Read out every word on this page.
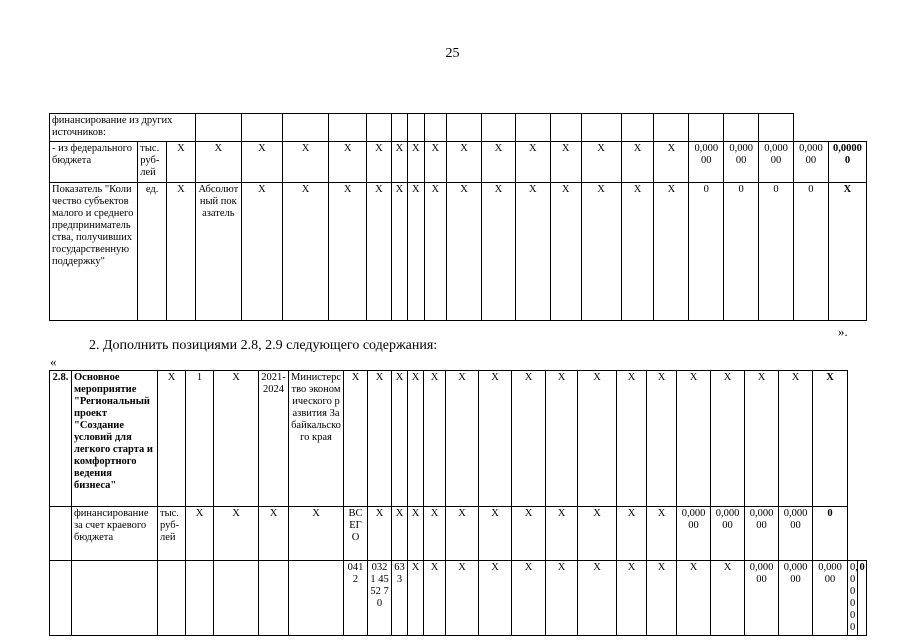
25
финансирование из других источников:																						
- из федерального бюджета	тыс. руб-лей	Х	Х	Х	Х	Х	Х	Х	Х	Х	Х	Х	Х	Х	Х	Х	Х	0,000 00	0,000 00	0,000 00	0,000 00	0,0000 0
Показатель "Количество субъектов малого и среднего предпринимательства, получивших государственную поддержку"	ед.	Х	Абсолютный показатель	Х	Х	Х	Х	Х	Х	Х	Х	Х	Х	Х	Х	Х	Х	0	0	0	0	Х
».
2. Дополнить позициями 2.8, 2.9 следующего содержания:
«
2.8.	Основное мероприятие "Региональный проект "Создание условий для легкого старта и комфортного ведения бизнеса"	Х	1	Х	2021-2024	Министерство экономического развития Забайкальского края	Х	Х	Х	Х	Х	Х	Х	Х	Х	Х	Х	Х	Х	Х	Х	Х	Х		
	финансирование за счет краевого бюджета	тыс. руб-лей	Х	Х	Х	Х	ВСЕГО	Х	Х	Х	Х	Х	Х	Х	Х	Х	Х	Х	0,000 00	0,000 00	0,000 00	0,000 00	0		
							0412	0321 4552 70	633	Х	Х	Х	Х	Х	Х	Х	Х	Х	Х	Х	0,000 00	0,000 00	0,000 00	0,000 00	0
